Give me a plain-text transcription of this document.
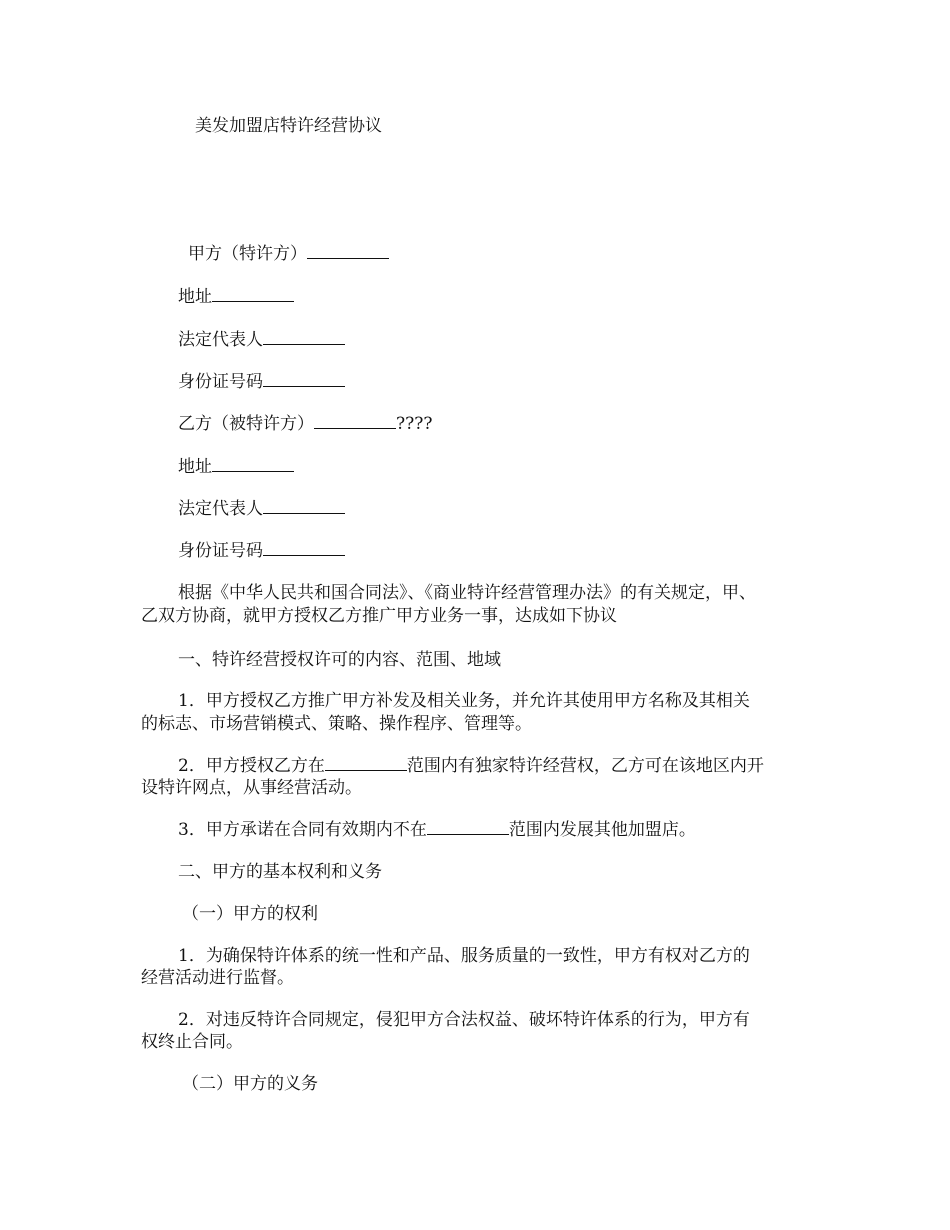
美发加盟店特许经营协议
甲方（特许方）
地址
法定代表人
身份证号码
乙方（被特许方）	????
地址
法定代表人
身份证号码
根据《中华人民共和国合同法》、《商业特许经营管理办法》的有关规定，甲、
乙双方协商，就甲方授权乙方推广甲方业务一事，达成如下协议
一、特许经营授权许可的内容、范围、地域
1．甲方授权乙方推广甲方补发及相关业务，并允许其使用甲方名称及其相关
的标志、市场营销模式、策略、操作程序、管理等。
2．甲方授权乙方在	范围内有独家特许经营权，乙方可在该地区内开
设特许网点，从事经营活动。
3．甲方承诺在合同有效期内不在	范围内发展其他加盟店。
二、甲方的基本权利和义务
（一）甲方的权利
1．为确保特许体系的统一性和产品、服务质量的一致性，甲方有权对乙方的
经营活动进行监督。
2．对违反特许合同规定，侵犯甲方合法权益、破坏特许体系的行为，甲方有
权终止合同。
（二）甲方的义务
